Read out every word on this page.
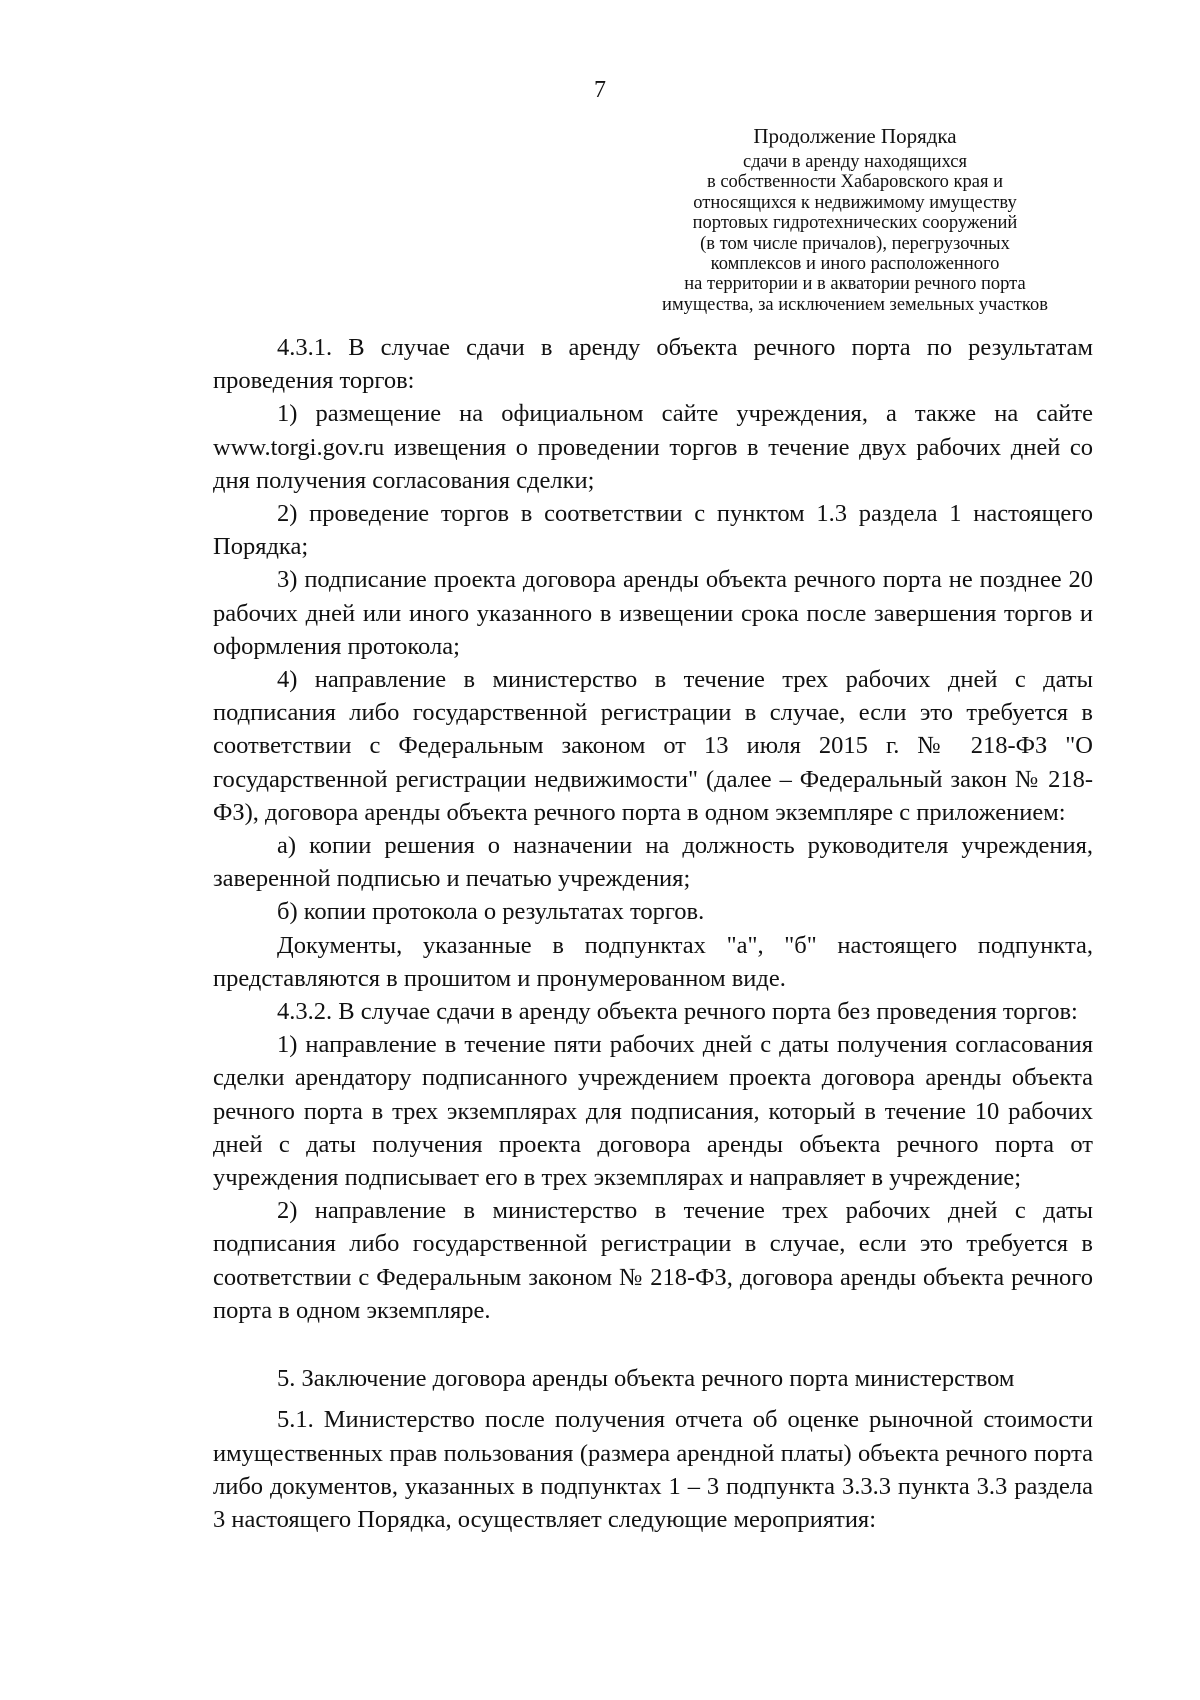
7
Продолжение Порядка
сдачи в аренду находящихся
в собственности Хабаровского края и
относящихся к недвижимому имуществу
портовых гидротехнических сооружений
(в том числе причалов), перегрузочных
комплексов и иного расположенного
на территории и в акватории речного порта
имущества, за исключением земельных участков

4.3.1. В случае сдачи в аренду объекта речного порта по результатам проведения торгов:

1) размещение на официальном сайте учреждения, а также на сайте www.torgi.gov.ru извещения о проведении торгов в течение двух рабочих дней со дня получения согласования сделки;

2) проведение торгов в соответствии с пунктом 1.3 раздела 1 настоящего Порядка;

3) подписание проекта договора аренды объекта речного порта не позднее 20 рабочих дней или иного указанного в извещении срока после завершения торгов и оформления протокола;

4) направление в министерство в течение трех рабочих дней с даты подписания либо государственной регистрации в случае, если это требуется в соответствии с Федеральным законом от 13 июля 2015 г. № 218-ФЗ "О государственной регистрации недвижимости" (далее – Федеральный закон № 218-ФЗ), договора аренды объекта речного порта в одном экземпляре с приложением:

а) копии решения о назначении на должность руководителя учреждения, заверенной подписью и печатью учреждения;

б) копии протокола о результатах торгов.

Документы, указанные в подпунктах "а", "б" настоящего подпункта, представляются в прошитом и пронумерованном виде.

4.3.2. В случае сдачи в аренду объекта речного порта без проведения торгов:

1) направление в течение пяти рабочих дней с даты получения согласования сделки арендатору подписанного учреждением проекта договора аренды объекта речного порта в трех экземплярах для подписания, который в течение 10 рабочих дней с даты получения проекта договора аренды объекта речного порта от учреждения подписывает его в трех экземплярах и направляет в учреждение;

2) направление в министерство в течение трех рабочих дней с даты подписания либо государственной регистрации в случае, если это требуется в соответствии с Федеральным законом № 218-ФЗ, договора аренды объекта речного порта в одном экземпляре.

5. Заключение договора аренды объекта речного порта министерством

5.1. Министерство после получения отчета об оценке рыночной стоимости имущественных прав пользования (размера арендной платы) объекта речного порта либо документов, указанных в подпунктах 1 – 3 подпункта 3.3.3 пункта 3.3 раздела 3 настоящего Порядка, осуществляет следующие мероприятия:
